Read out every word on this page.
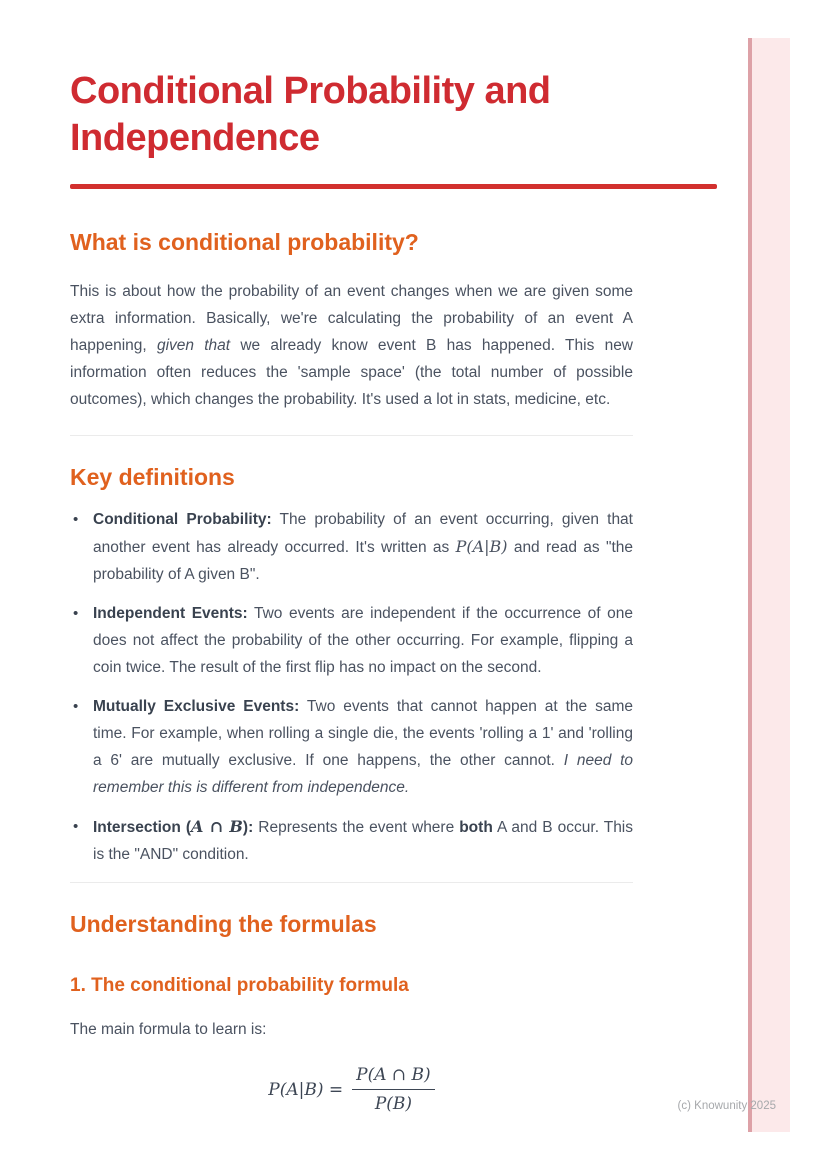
Conditional Probability and Independence
What is conditional probability?

This is about how the probability of an event changes when we are given some extra information. Basically, we're calculating the probability of an event A happening, given that we already know event B has happened. This new information often reduces the 'sample space' (the total number of possible outcomes), which changes the probability. It's used a lot in stats, medicine, etc.

Key definitions
• Conditional Probability: The probability of an event occurring, given that another event has already occurred. It's written as P(A|B) and read as "the probability of A given B".
• Independent Events: Two events are independent if the occurrence of one does not affect the probability of the other occurring. For example, flipping a coin twice. The result of the first flip has no impact on the second.
• Mutually Exclusive Events: Two events that cannot happen at the same time. For example, when rolling a single die, the events 'rolling a 1' and 'rolling a 6' are mutually exclusive. If one happens, the other cannot. I need to remember this is different from independence.
• Intersection (A ∩ B): Represents the event where both A and B occur. This is the "AND" condition.
Understanding the formulas
1. The conditional probability formula

The main formula to learn is:

$P(A|B) = \frac{P(A \cap B)}{P(B)}$	(c) Knowunity 2025
